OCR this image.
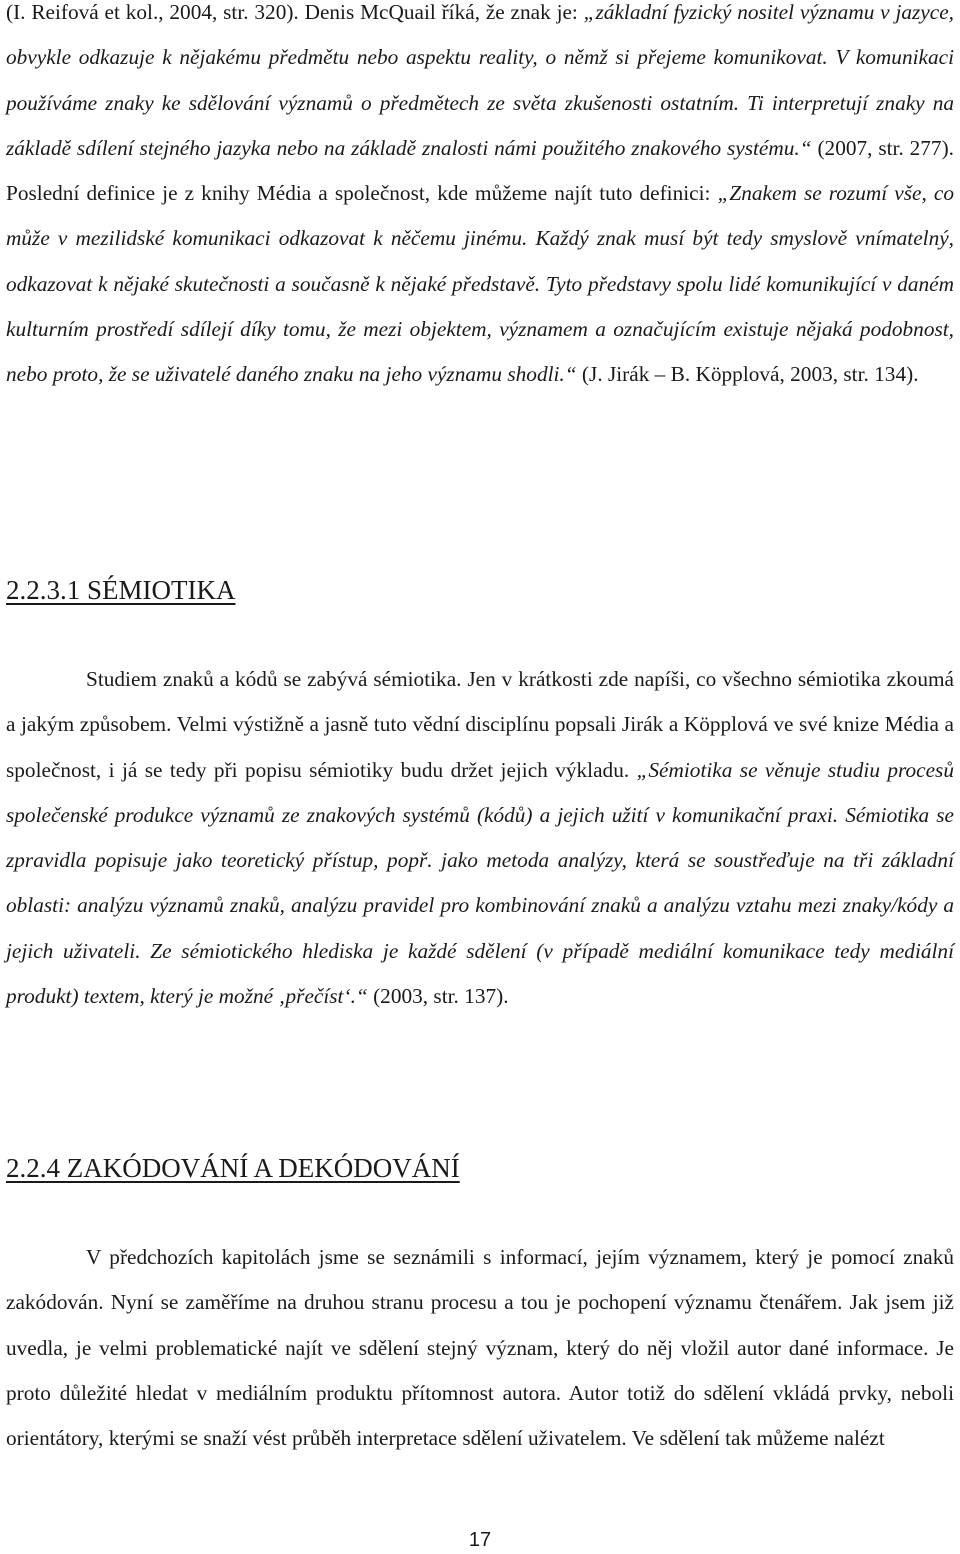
(I. Reifová et kol., 2004, str. 320). Denis McQuail říká, že znak je: „základní fyzický nositel významu v jazyce, obvykle odkazuje k nějakému předmětu nebo aspektu reality, o němž si přejeme komunikovat. V komunikaci používáme znaky ke sdělování významů o předmětech ze světa zkušenosti ostatním. Ti interpretují znaky na základě sdílení stejného jazyka nebo na základě znalosti námi použitého znakového systému.“ (2007, str. 277). Poslední definice je z knihy Média a společnost, kde můžeme najít tuto definici: „Znakem se rozumí vše, co může v mezilidské komunikaci odkazovat k něčemu jinému. Každý znak musí být tedy smyslově vnímatelný, odkazovat k nějaké skutečnosti a současně k nějaké představě. Tyto představy spolu lidé komunikující v daném kulturním prostředí sdílejí díky tomu, že mezi objektem, významem a označujícím existuje nějaká podobnost, nebo proto, že se uživatelé daného znaku na jeho významu shodli.“ (J. Jirák – B. Köpplová, 2003, str. 134).
2.2.3.1 SÉMIOTIKA
Studiem znaků a kódů se zabývá sémiotika. Jen v krátkosti zde napíši, co všechno sémiotika zkoumá a jakým způsobem. Velmi výstižně a jasně tuto vědní disciplínu popsali Jirák a Köpplová ve své knize Média a společnost, i já se tedy při popisu sémiotiky budu držet jejich výkladu. „Sémiotika se věnuje studiu procesů společenské produkce významů ze znakových systémů (kódů) a jejich užití v komunikační praxi. Sémiotika se zpravidla popisuje jako teoretický přístup, popř. jako metoda analýzy, která se soustřeďuje na tři základní oblasti: analýzu významů znaků, analýzu pravidel pro kombinování znaků a analýzu vztahu mezi znaky/kódy a jejich uživateli. Ze sémiotického hlediska je každé sdělení (v případě mediální komunikace tedy mediální produkt) textem, který je možné ‚přečíst‘.“ (2003, str. 137).
2.2.4 ZAKÓDOVÁNÍ A DEKÓDOVÁNÍ
V předchozích kapitolách jsme se seznámili s informací, jejím významem, který je pomocí znaků zakódován. Nyní se zaměříme na druhou stranu procesu a tou je pochopení významu čtenářem. Jak jsem již uvedla, je velmi problematické najít ve sdělení stejný význam, který do něj vložil autor dané informace. Je proto důležité hledat v mediálním produktu přítomnost autora. Autor totiž do sdělení vkládá prvky, neboli orientátory, kterými se snaží vést průběh interpretace sdělení uživatelem. Ve sdělení tak můžeme nalézt
17
